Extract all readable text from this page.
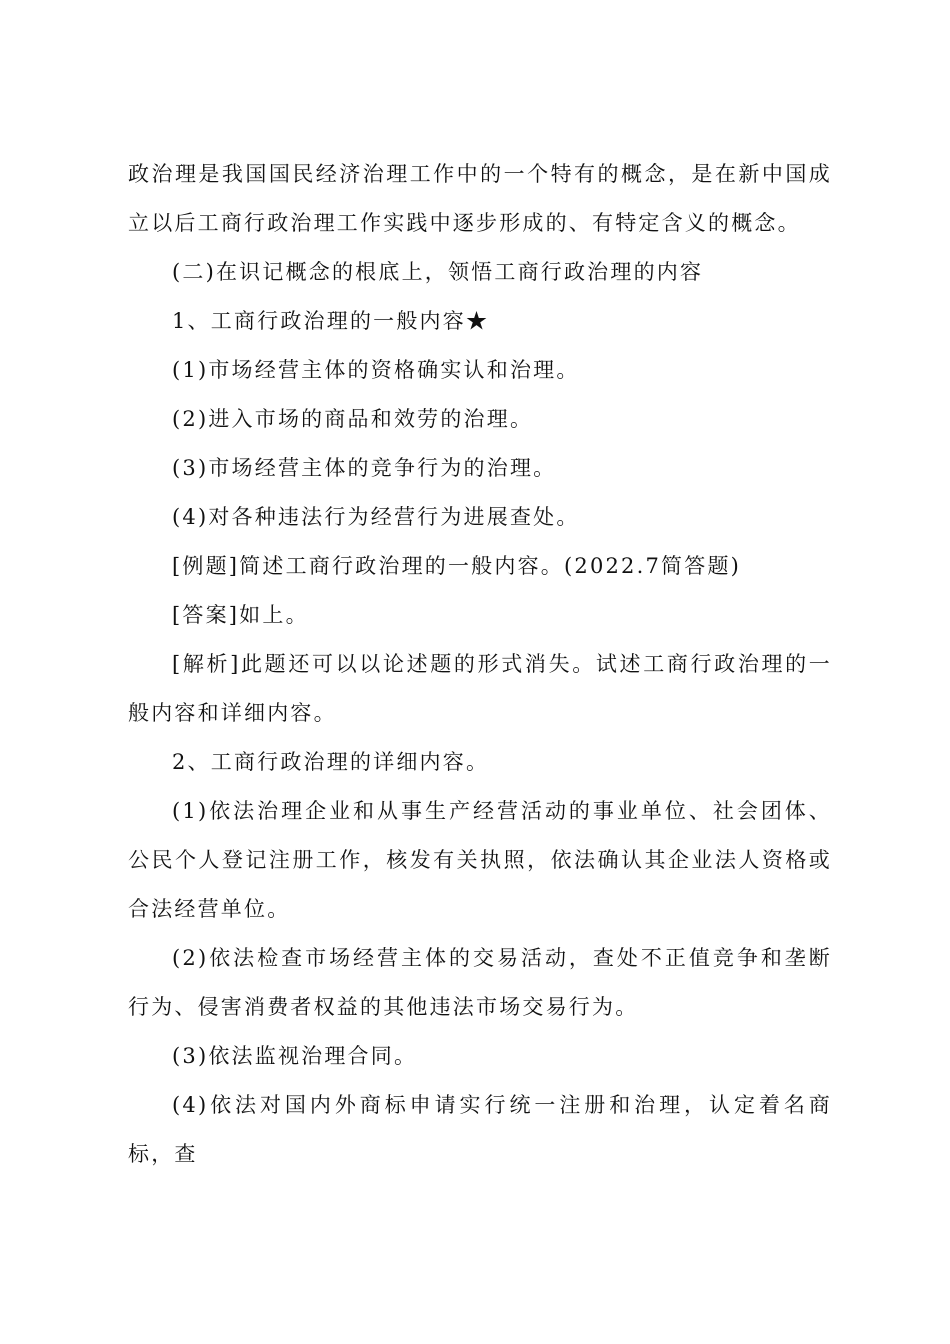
政治理是我国国民经济治理工作中的一个特有的概念，是在新中国成立以后工商行政治理工作实践中逐步形成的、有特定含义的概念。

(二)在识记概念的根底上，领悟工商行政治理的内容

1、工商行政治理的一般内容★

(1)市场经营主体的资格确实认和治理。

(2)进入市场的商品和效劳的治理。

(3)市场经营主体的竞争行为的治理。

(4)对各种违法行为经营行为进展查处。

[例题]简述工商行政治理的一般内容。(2022.7简答题)

[答案]如上。

[解析]此题还可以以论述题的形式消失。试述工商行政治理的一般内容和详细内容。

2、工商行政治理的详细内容。

(1)依法治理企业和从事生产经营活动的事业单位、社会团体、公民个人登记注册工作，核发有关执照，依法确认其企业法人资格或合法经营单位。

(2)依法检查市场经营主体的交易活动，查处不正值竞争和垄断行为、侵害消费者权益的其他违法市场交易行为。

(3)依法监视治理合同。

(4)依法对国内外商标申请实行统一注册和治理，认定着名商标，查
